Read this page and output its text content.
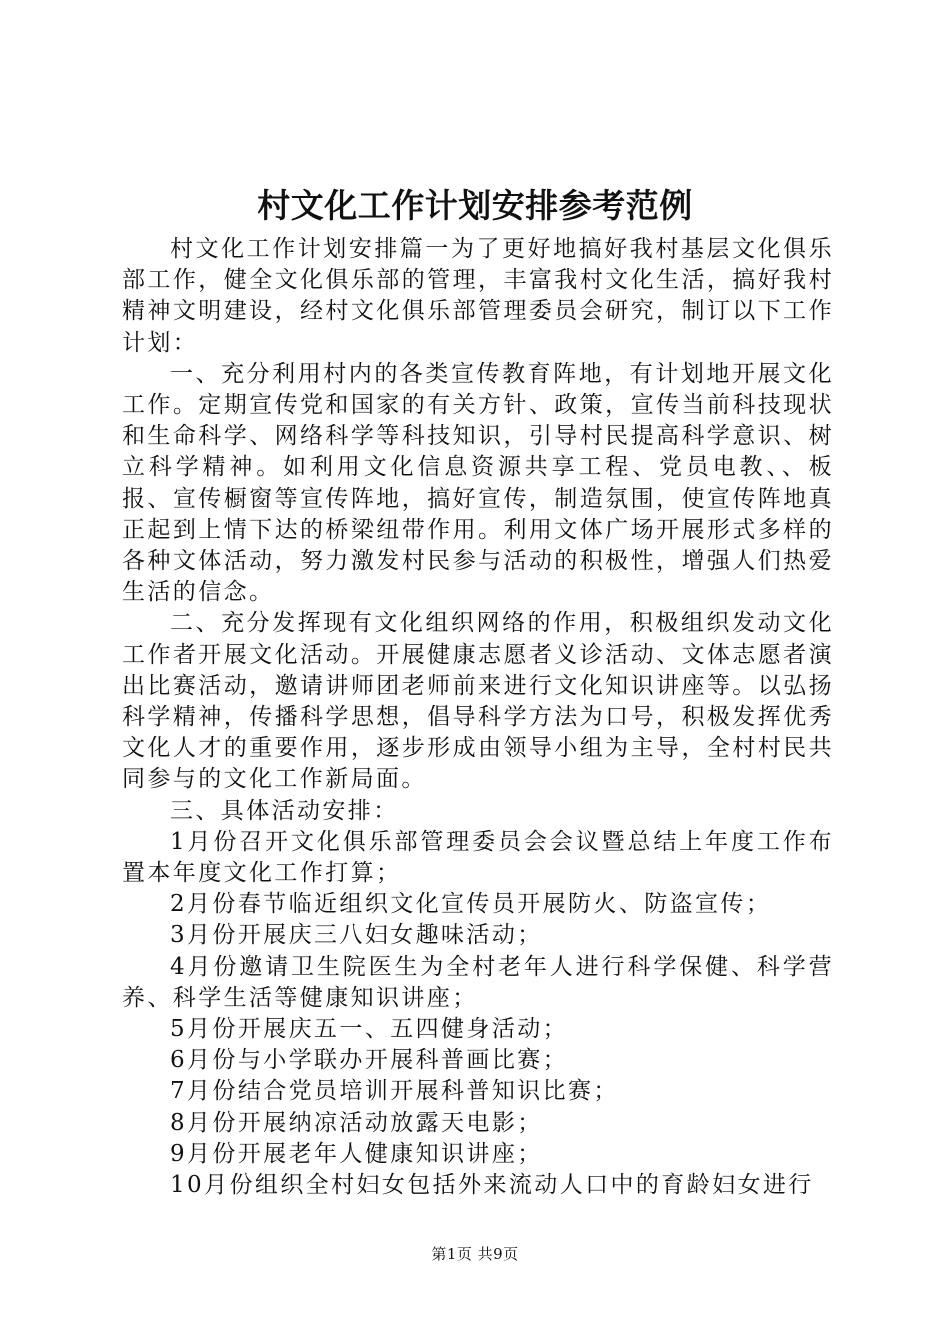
村文化工作计划安排参考范例

村文化工作计划安排篇一为了更好地搞好我村基层文化俱乐部工作，健全文化俱乐部的管理，丰富我村文化生活，搞好我村精神文明建设，经村文化俱乐部管理委员会研究，制订以下工作计划：

一、充分利用村内的各类宣传教育阵地，有计划地开展文化工作。定期宣传党和国家的有关方针、政策，宣传当前科技现状和生命科学、网络科学等科技知识，引导村民提高科学意识、树立科学精神。如利用文化信息资源共享工程、党员电教、、板报、宣传橱窗等宣传阵地，搞好宣传，制造氛围，使宣传阵地真正起到上情下达的桥梁纽带作用。利用文体广场开展形式多样的各种文体活动，努力激发村民参与活动的积极性，增强人们热爱生活的信念。

二、充分发挥现有文化组织网络的作用，积极组织发动文化工作者开展文化活动。开展健康志愿者义诊活动、文体志愿者演出比赛活动，邀请讲师团老师前来进行文化知识讲座等。以弘扬科学精神，传播科学思想，倡导科学方法为口号，积极发挥优秀文化人才的重要作用，逐步形成由领导小组为主导，全村村民共同参与的文化工作新局面。

三、具体活动安排：

1月份召开文化俱乐部管理委员会会议暨总结上年度工作布置本年度文化工作打算；

2月份春节临近组织文化宣传员开展防火、防盗宣传；

3月份开展庆三八妇女趣味活动；

4月份邀请卫生院医生为全村老年人进行科学保健、科学营养、科学生活等健康知识讲座；

5月份开展庆五一、五四健身活动；

6月份与小学联办开展科普画比赛；

7月份结合党员培训开展科普知识比赛；

8月份开展纳凉活动放露天电影；

9月份开展老年人健康知识讲座；

10月份组织全村妇女包括外来流动人口中的育龄妇女进行

第1页 共9页
